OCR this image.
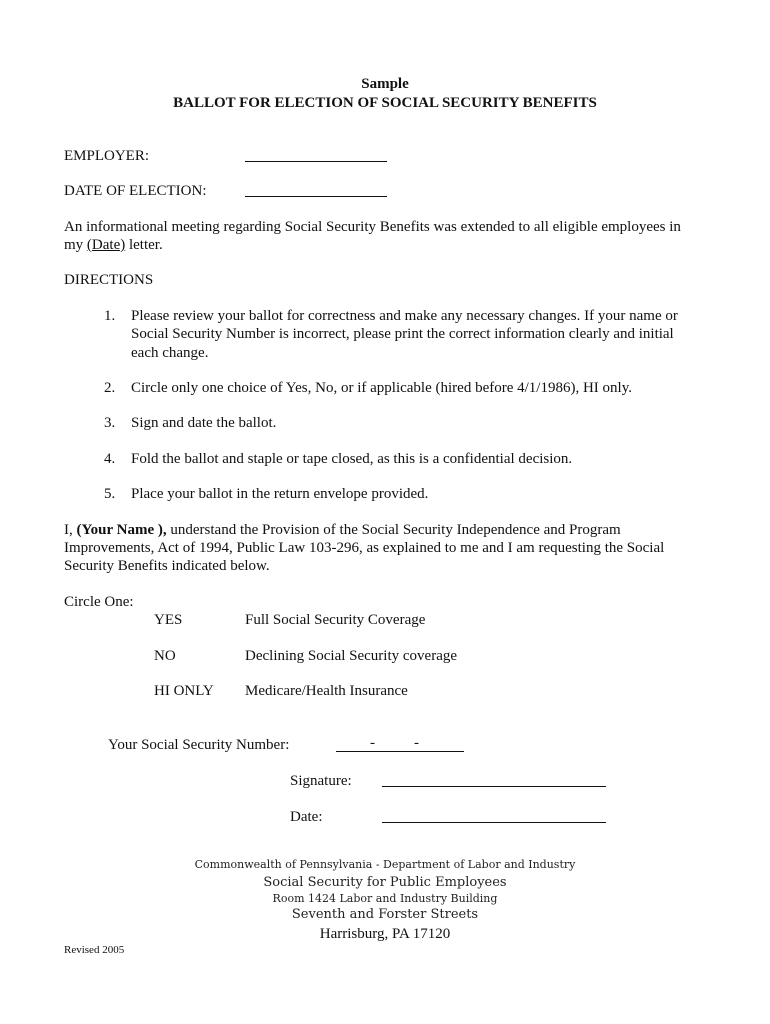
Sample
BALLOT FOR ELECTION OF SOCIAL SECURITY BENEFITS
EMPLOYER:
DATE OF ELECTION:
An informational meeting regarding Social Security Benefits was extended to all eligible employees in
my (Date) letter.
DIRECTIONS
1. Please review your ballot for correctness and make any necessary changes. If your name or
Social Security Number is incorrect, please print the correct information clearly and initial
each change.
2. Circle only one choice of Yes, No, or if applicable (hired before 4/1/1986), HI only.
3. Sign and date the ballot.
4. Fold the ballot and staple or tape closed, as this is a confidential decision.
5. Place your ballot in the return envelope provided.
I, (Your Name ), understand the Provision of the Social Security Independence and Program
Improvements, Act of 1994, Public Law 103-296, as explained to me and I am requesting the Social
Security Benefits indicated below.
Circle One:
YES	Full Social Security Coverage
NO	Declining Social Security coverage
HI ONLY Medicare/Health Insurance
Your Social Security Number:	-	-
Signature:
Date:
Commonwealth of Pennsylvania - Department of Labor and Industry
Social Security for Public Employees
Room 1424 Labor and Industry Building
Seventh and Forster Streets
Harrisburg, PA 17120
Revised 2005
